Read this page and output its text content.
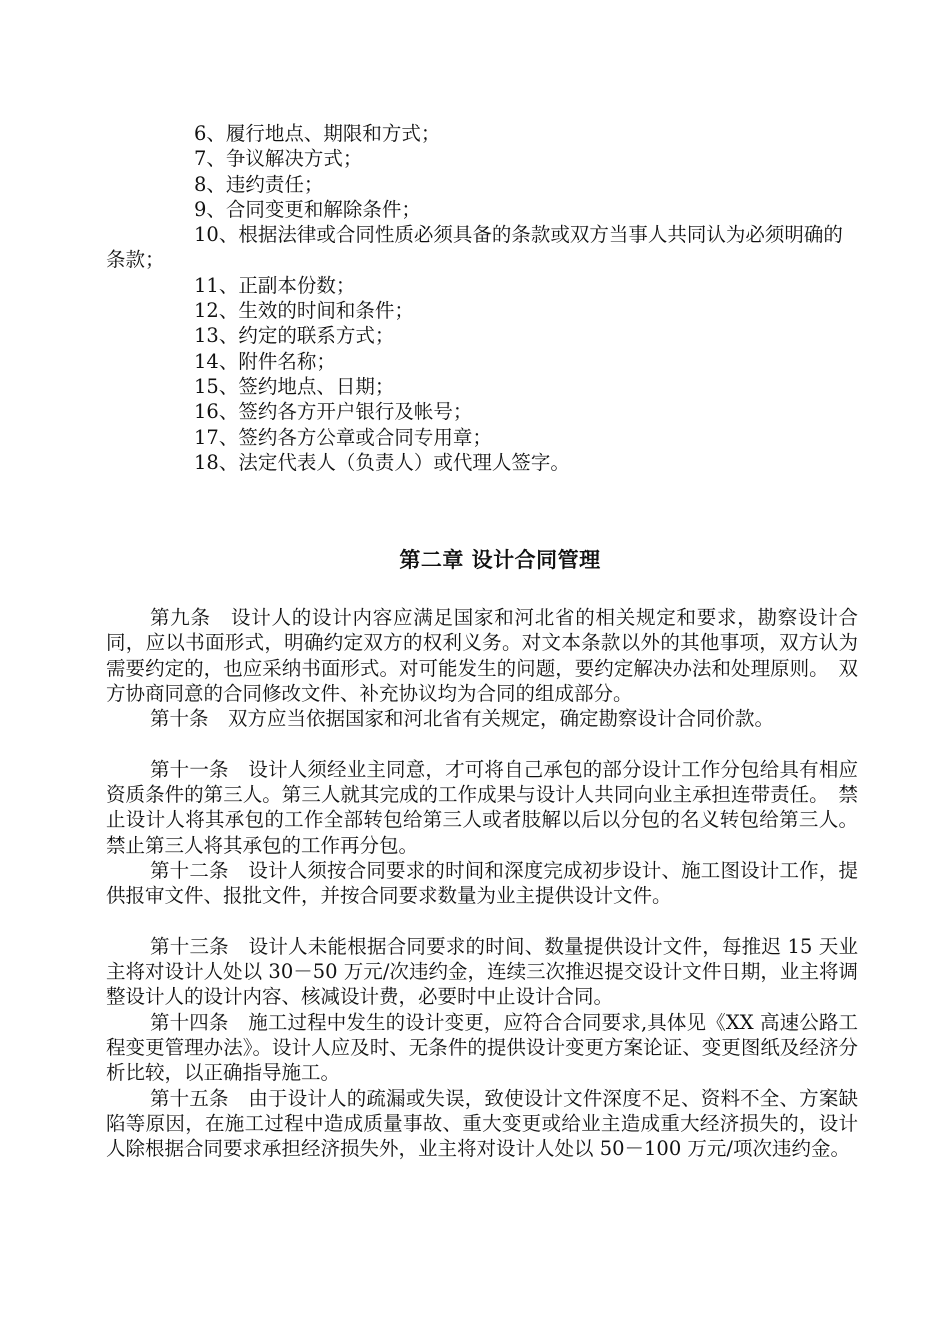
6、履行地点、期限和方式；

7、争议解决方式；

8、违约责任；

9、合同变更和解除条件；

10、根据法律或合同性质必须具备的条款或双方当事人共同认为必须明确的条款；

11、正副本份数；

12、生效的时间和条件；

13、约定的联系方式；

14、附件名称；

15、签约地点、日期；

16、签约各方开户银行及帐号；

17、签约各方公章或合同专用章；

18、法定代表人（负责人）或代理人签字。

第二章 设计合同管理

第九条　设计人的设计内容应满足国家和河北省的相关规定和要求，勘察设计合同，应以书面形式，明确约定双方的权利义务。对文本条款以外的其他事项，双方认为需要约定的，也应采纳书面形式。对可能发生的问题，要约定解决办法和处理原则。　双方协商同意的合同修改文件、补充协议均为合同的组成部分。

第十条　双方应当依据国家和河北省有关规定，确定勘察设计合同价款。

第十一条　设计人须经业主同意，才可将自己承包的部分设计工作分包给具有相应资质条件的第三人。第三人就其完成的工作成果与设计人共同向业主承担连带责任。　禁止设计人将其承包的工作全部转包给第三人或者肢解以后以分包的名义转包给第三人。禁止第三人将其承包的工作再分包。

第十二条　设计人须按合同要求的时间和深度完成初步设计、施工图设计工作，提供报审文件、报批文件，并按合同要求数量为业主提供设计文件。

第十三条　设计人未能根据合同要求的时间、数量提供设计文件，每推迟 15 天业主将对设计人处以 30－50 万元/次违约金，连续三次推迟提交设计文件日期，业主将调整设计人的设计内容、核减设计费，必要时中止设计合同。

第十四条　施工过程中发生的设计变更，应符合合同要求,具体见《XX 高速公路工程变更管理办法》。设计人应及时、无条件的提供设计变更方案论证、变更图纸及经济分析比较，以正确指导施工。

第十五条　由于设计人的疏漏或失误，致使设计文件深度不足、资料不全、方案缺陷等原因，在施工过程中造成质量事故、重大变更或给业主造成重大经济损失的，设计人除根据合同要求承担经济损失外，业主将对设计人处以 50－100 万元/项次违约金。
